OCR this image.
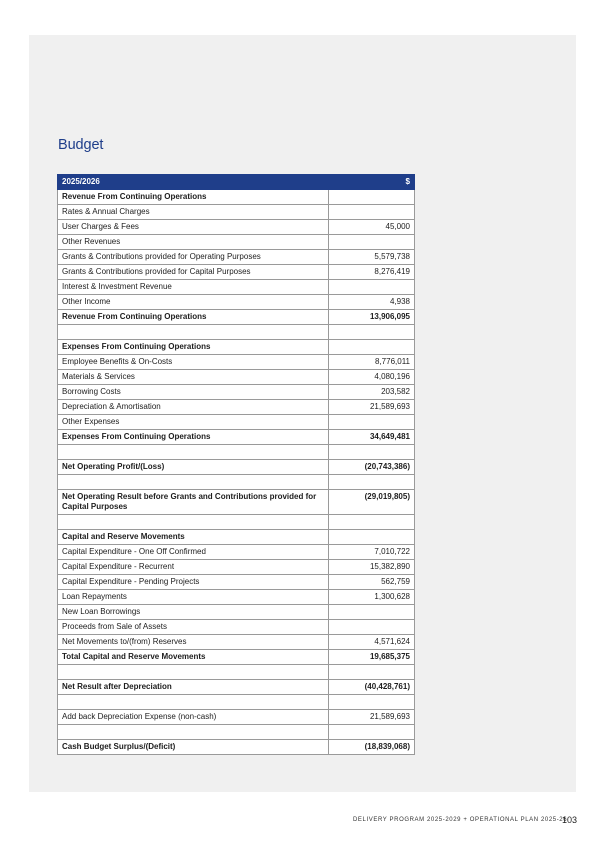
Budget
2025/2026	$
Revenue From Continuing Operations	
Rates & Annual Charges	
User Charges & Fees	45,000
Other Revenues	
Grants & Contributions provided for Operating Purposes	5,579,738
Grants & Contributions provided for Capital Purposes	8,276,419
Interest & Investment Revenue	
Other Income	4,938
Revenue From Continuing Operations	13,906,095

Expenses From Continuing Operations	
Employee Benefits & On-Costs	8,776,011
Materials & Services	4,080,196
Borrowing Costs	203,582
Depreciation & Amortisation	21,589,693
Other Expenses	
Expenses From Continuing Operations	34,649,481

Net Operating Profit/(Loss)	(20,743,386)

Net Operating Result before Grants and Contributions provided for Capital Purposes	(29,019,805)

Capital and Reserve Movements	
Capital Expenditure - One Off Confirmed	7,010,722
Capital Expenditure - Recurrent	15,382,890
Capital Expenditure - Pending Projects	562,759
Loan Repayments	1,300,628
New Loan Borrowings	
Proceeds from Sale of Assets	
Net Movements to/(from) Reserves	4,571,624
Total Capital and Reserve Movements	19,685,375

Net Result after Depreciation	(40,428,761)

Add back Depreciation Expense (non-cash)	21,589,693

Cash Budget Surplus/(Deficit)	(18,839,068)
DELIVERY PROGRAM 2025-2029 + OPERATIONAL PLAN 2025-26
103
